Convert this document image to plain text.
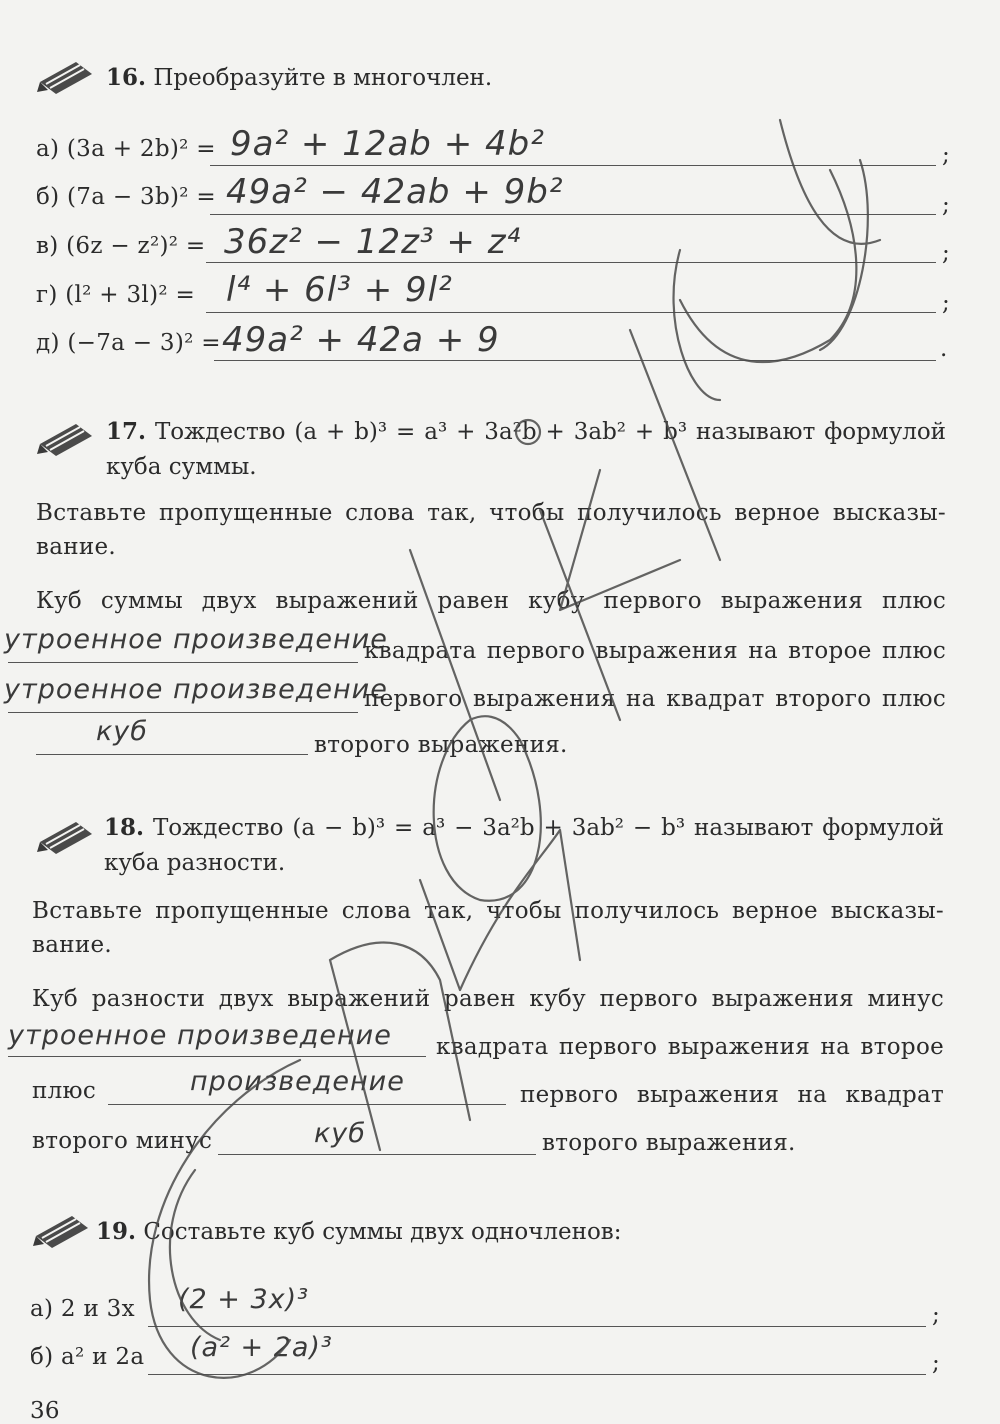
16. Преобразуйте в многочлен.
а) (3a + 2b)² = 9a² + 12ab + 4b²	;
б) (7a − 3b)² = 49a² − 42ab + 9b²	;
в) (6z − z²)² = 36z² − 12z³ + z⁴	;
г) (l² + 3l)² = l⁴ + 6l³ + 9l²	;
д) (−7a − 3)² = 49a² + 42a + 9	.
17. Тождество (a + b)³ = a³ + 3a²b + 3ab² + b³ называют формулой
куба суммы.
Вставьте пропущенные слова так, чтобы получилось верное высказы-
вание.
Куб суммы двух выражений равен кубу первого выражения плюс
утроенное произведение
квадрата первого выражения на второе плюс
утроенное произведение
первого выражения на квадрат второго плюс
куб	второго выражения.
18. Тождество (a − b)³ = a³ − 3a²b + 3ab² − b³ называют формулой
куба разности.
Вставьте пропущенные слова так, чтобы получилось верное высказы-
вание.
Куб разности двух выражений равен кубу первого выражения минус
утроенное произведение квадрата первого выражения на второе
плюс	произведение	первого выражения на квадрат
второго минус	куб	второго выражения.
19. Составьте куб суммы двух одночленов:
а) 2 и 3x (2 + 3x)³	;
б) a² и 2a (a² + 2a)³	;
36
